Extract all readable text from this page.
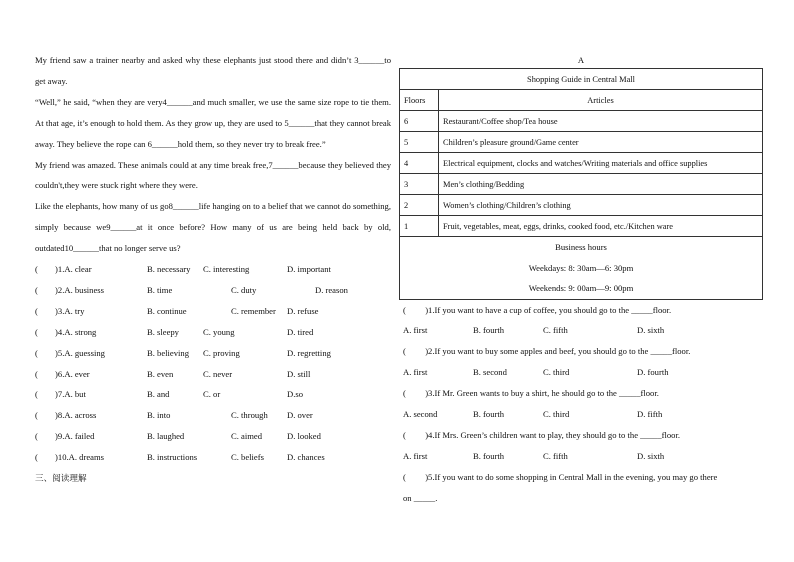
My friend saw a trainer nearby and asked why these elephants just stood there and didn’t 3______to get away.
“Well,” he said, “when they are very4______and much smaller, we use the same size rope to tie them. At that age, it’s enough to hold them. As they grow up, they are used to 5______that they cannot break away. They believe the rope can 6______hold them, so they never try to break free.”
My friend was amazed. These animals could at any time break free,7______because they believed they couldn't,they were stuck right where they were.
Like the elephants, how many of us go8______life hanging on to a belief that we cannot do something, simply because we9______at it once before? How many of us are being held back by old, outdated10______that no longer serve us?
(        )1.A. clear	B. necessary C. interesting	D. important
(        )2.A. business	B. time	C. duty	D. reason
(        )3.A. try	B. continue	C. remember D. refuse
(        )4.A. strong	B. sleepy	C. young	D. tired
(        )5.A. guessing	B. believing C. proving	D. regretting
(        )6.A. ever	B. even	C. never	D. still
(        )7.A. but	B. and	C. or	D.so
(        )8.A. across	B. into	C. through D. over
(        )9.A. failed	B. laughed	C. aimed	D. looked
(        )10.A. dreams	B. instructions	C. beliefs	D. chances
三、阅读理解
A
Shopping Guide in Central Mall	
Floors	Articles
6	Restaurant/Coffee shop/Tea house
5	Children’s pleasure ground/Game center
4	Electrical equipment, clocks and watches/Writing materials and office supplies
3	Men’s clothing/Bedding
2	Women’s clothing/Children’s clothing
1	Fruit, vegetables, meat, eggs, drinks, cooked food, etc./Kitchen ware
Business hours
Weekdays: 8: 30am—6: 30pm
Weekends: 9: 00am—9: 00pm
(         )1.If you want to have a cup of coffee, you should go to the _____floor.
A. first	B. fourth	C. fifth	D. sixth
(         )2.If you want to buy some apples and beef, you should go to the _____floor.
A. first	B. second	C. third	D. fourth
(         )3.If Mr. Green wants to buy a shirt, he should go to the _____floor.
A. second	B. fourth	C. third	D. fifth
(         )4.If Mrs. Green’s children want to play, they should go to the _____floor.
A. first	B. fourth	C. fifth	D. sixth
(         )5.If you want to do some shopping in Central Mall in the evening, you may go there
on _____.
